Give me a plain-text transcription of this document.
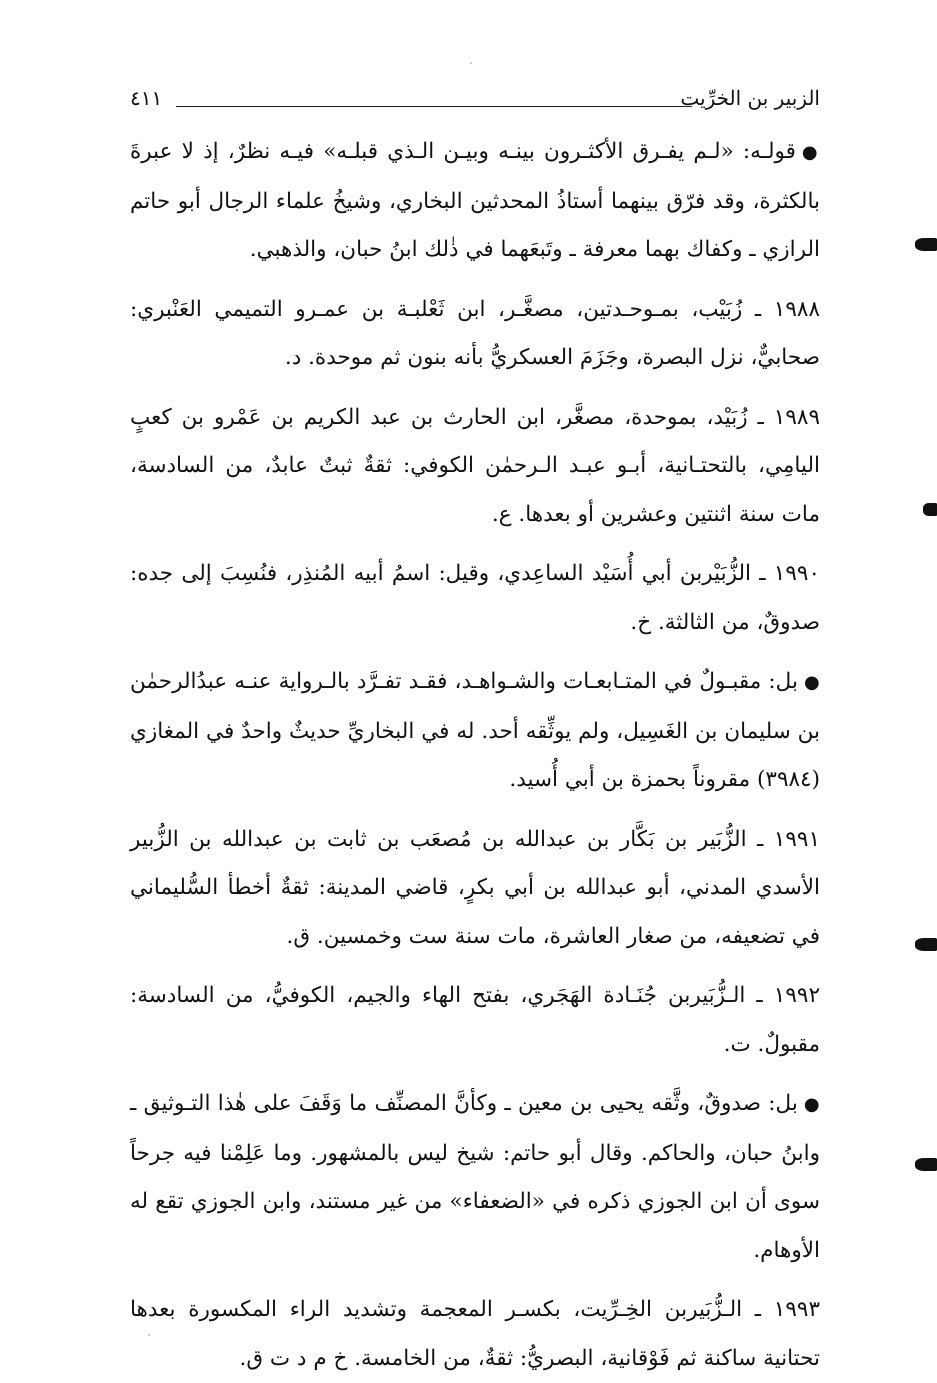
الزبير بن الخرِّيت
٤١١

●قولـه: «لـم يفـرق الأكثـرون بينـه وبيـن الـذي قبلـه» فيـه نظرٌ، إذ لا عبرةَ بالكثرة، وقد فرّق بينهما أستاذُ المحدثين البخاري، وشيخُ علماء الرجال أبو حاتم الرازي ـ وكفاك بهما معرفة ـ وتَبعَهما في ذٰلك ابنُ حبان، والذهبي.

١٩٨٨ ـ زُبَيْب، بمـوحـدتين، مصغَّـر، ابن ثَعْلبـة بن عمـرو التميمي العَنْبري: صحابيٌّ، نزل البصرة، وجَزَمَ العسكريُّ بأنه بنون ثم موحدة. د.

١٩٨٩ ـ زُبَيْد، بموحدة، مصغَّر، ابن الحارث بن عبد الكريم بن عَمْرو بن كعبٍ اليامِي، بالتحتـانية، أبـو عبـد الـرحمٰن الكوفي: ثقةٌ ثبتٌ عابدٌ، من السادسة، مات سنة اثنتين وعشرين أو بعدها. ع.

١٩٩٠ ـ الزُّبَيْربن أبي أُسَيْد الساعِدي، وقيل: اسمُ أبيه المُنذِر، فنُسِبَ إلى جده: صدوقٌ، من الثالثة. خ.

●بل: مقبـولٌ في المتـابعـات والشـواهـد، فقـد تفـرَّد بالـرواية عنـه عبدُالرحمٰن بن سليمان بن الغَسِيل، ولم يوثِّقه أحد. له في البخاريِّ حديثٌ واحدٌ في المغازي (٣٩٨٤) مقروناً بحمزة بن أبي أُسيد.

١٩٩١ ـ الزُّبَير بن بَكَّار بن عبدالله بن مُصعَب بن ثابت بن عبدالله بن الزُّبير الأسدي المدني، أبو عبدالله بن أبي بكرٍ، قاضي المدينة: ثقةٌ أخطأ السُّليماني في تضعيفه، من صغار العاشرة، مات سنة ست وخمسين. ق.

١٩٩٢ ـ الـزُّبَيربن جُنَـادة الهَجَري، بفتح الهاء والجيم، الكوفيُّ، من السادسة: مقبولٌ. ت.

●بل: صدوقٌ، وثَّقه يحيى بن معين ـ وكأنَّ المصنِّف ما وَقَفَ على هٰذا التـوثيق ـ وابنُ حبان، والحاكم. وقال أبو حاتم: شيخ ليس بالمشهور. وما عَلِمْنا فيه جرحاً سوى أن ابن الجوزي ذكره في «الضعفاء» من غير مستند، وابن الجوزي تقع له الأوهام.

١٩٩٣ ـ الـزُّبَيربن الخِـرِّيت، بكسـر المعجمة وتشديد الراء المكسورة بعدها تحتانية ساكنة ثم فَوْقانية، البصريُّ: ثقةٌ، من الخامسة. خ م د ت ق.
